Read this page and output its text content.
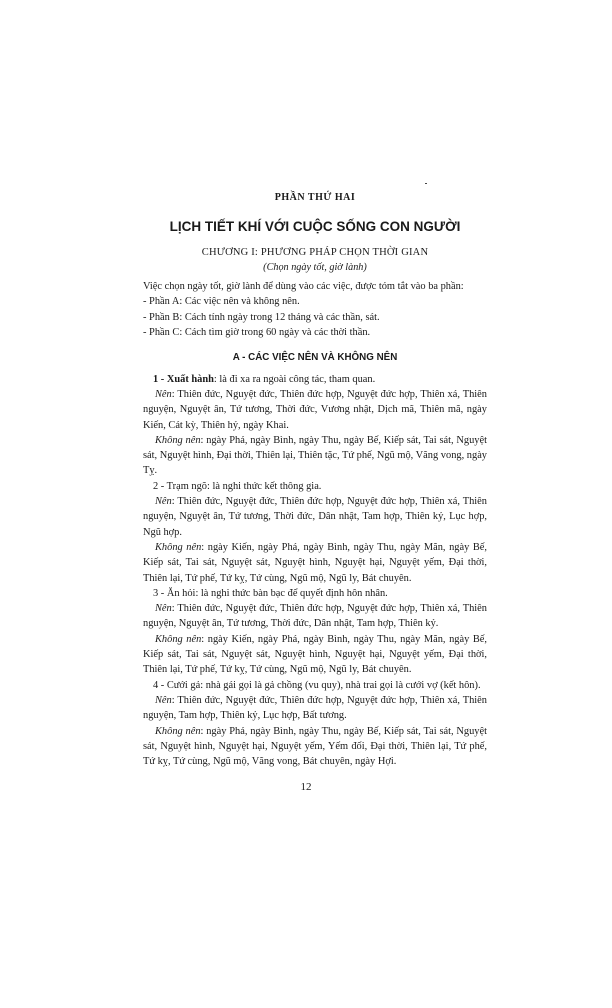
PHẦN THỨ HAI

LỊCH TIẾT KHÍ VỚI CUỘC SỐNG CON NGƯỜI

CHƯƠNG I: PHƯƠNG PHÁP CHỌN THỜI GIAN

(Chọn ngày tốt, giờ lành)

Việc chọn ngày tốt, giờ lành để dùng vào các việc, được tóm tắt vào ba phần:

- Phần A: Các việc nên và không nên.

- Phần B: Cách tính ngày trong 12 tháng và các thần, sát.

- Phần C: Cách tìm giờ trong 60 ngày và các thời thần.

A - CÁC VIỆC NÊN VÀ KHÔNG NÊN

1 - Xuất hành: là đi xa ra ngoài công tác, tham quan.

Nên: Thiên đức, Nguyệt đức, Thiên đức hợp, Nguyệt đức hợp, Thiên xá, Thiên nguyện, Nguyệt ân, Tứ tương, Thời đức, Vương nhật, Dịch mã, Thiên mã, ngày Kiến, Cát kỳ, Thiên hỷ, ngày Khai.

Không nên: ngày Phá, ngày Bình, ngày Thu, ngày Bế, Kiếp sát, Tai sát, Nguyệt sát, Nguyệt hình, Đại thời, Thiên lại, Thiên tặc, Tứ phế, Ngũ mộ, Vãng vong, ngày Tỵ.

2 - Trạm ngõ: là nghi thức kết thông gia.

Nên: Thiên đức, Nguyệt đức, Thiên đức hợp, Nguyệt đức hợp, Thiên xá, Thiên nguyện, Nguyệt ân, Tứ tương, Thời đức, Dân nhật, Tam hợp, Thiên kỷ, Lục hợp, Ngũ hợp.

Không nên: ngày Kiến, ngày Phá, ngày Bình, ngày Thu, ngày Mãn, ngày Bế, Kiếp sát, Tai sát, Nguyệt sát, Nguyệt hình, Nguyệt hại, Nguyệt yếm, Đại thời, Thiên lại, Tứ phế, Tứ kỵ, Tứ cùng, Ngũ mộ, Ngũ ly, Bát chuyên.

3 - Ăn hỏi: là nghi thức bàn bạc để quyết định hôn nhân.

Nên: Thiên đức, Nguyệt đức, Thiên đức hợp, Nguyệt đức hợp, Thiên xá, Thiên nguyện, Nguyệt ân, Tứ tương, Thời đức, Dân nhật, Tam hợp, Thiên kỷ.

Không nên: ngày Kiến, ngày Phá, ngày Bình, ngày Thu, ngày Mãn, ngày Bế, Kiếp sát, Tai sát, Nguyệt sát, Nguyệt hình, Nguyệt hại, Nguyệt yếm, Đại thời, Thiên lại, Tứ phế, Tứ kỵ, Tứ cùng, Ngũ mộ, Ngũ ly, Bát chuyên.

4 - Cưới gả: nhà gái gọi là gả chồng (vu quy), nhà trai gọi là cưới vợ (kết hôn).

Nên: Thiên đức, Nguyệt đức, Thiên đức hợp, Nguyệt đức hợp, Thiên xá, Thiên nguyện, Tam hợp, Thiên kỷ, Lục hợp, Bất tương.

Không nên: ngày Phá, ngày Bình, ngày Thu, ngày Bế, Kiếp sát, Tai sát, Nguyệt sát, Nguyệt hình, Nguyệt hại, Nguyệt yếm, Yếm đối, Đại thời, Thiên lại, Tứ phế, Tứ kỵ, Tứ cùng, Ngũ mộ, Vãng vong, Bát chuyên, ngày Hợi.

12
